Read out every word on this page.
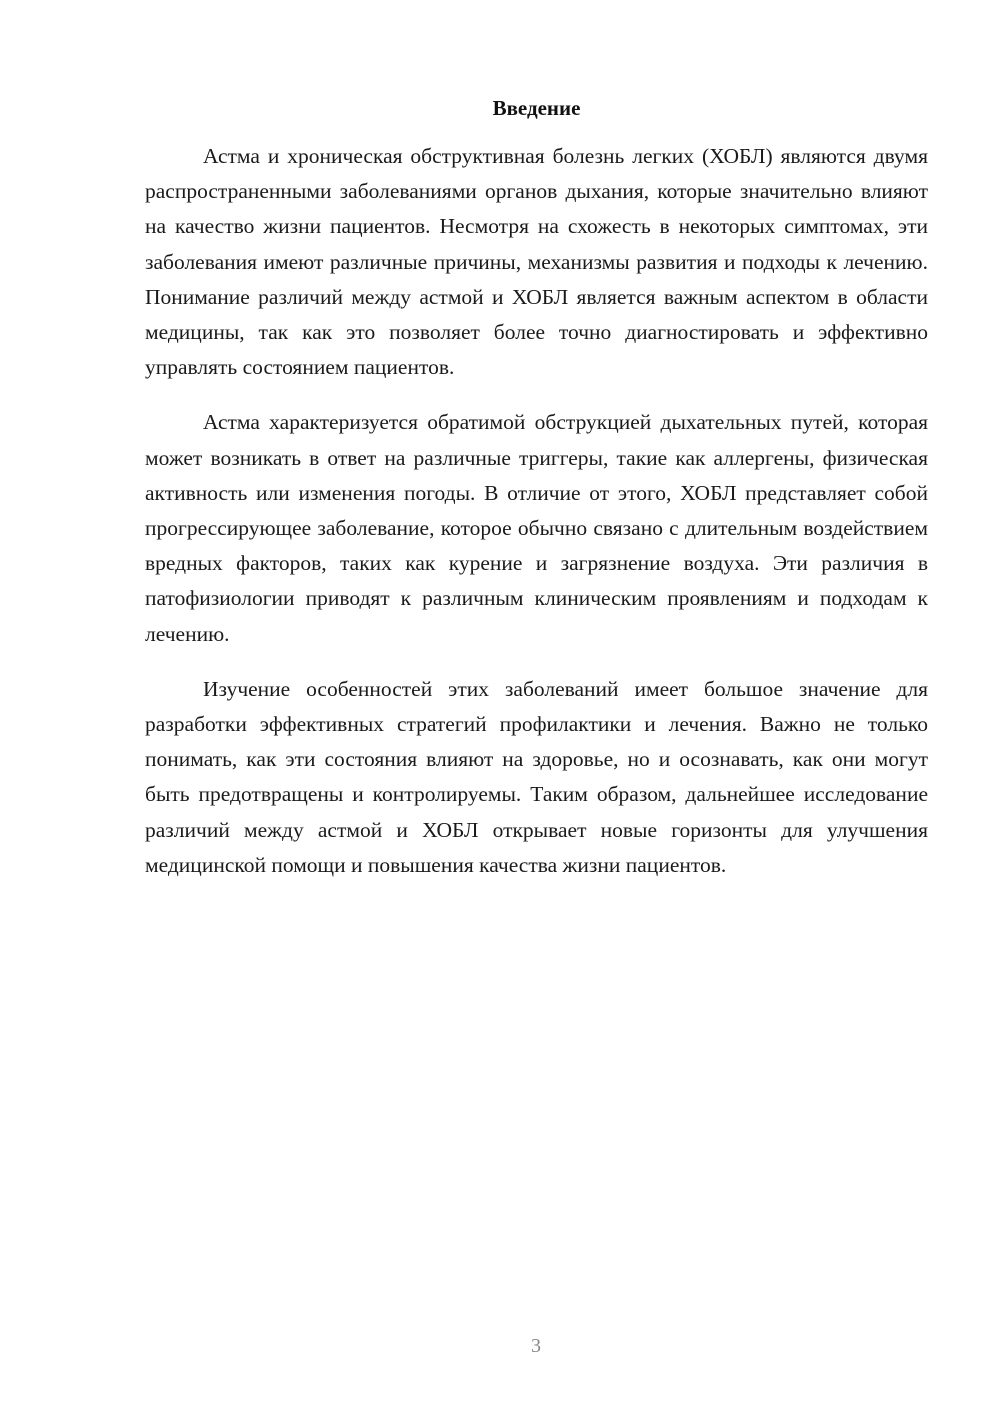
Введение

Астма и хроническая обструктивная болезнь легких (ХОБЛ) являются двумя распространенными заболеваниями органов дыхания, которые значительно влияют на качество жизни пациентов. Несмотря на схожесть в некоторых симптомах, эти заболевания имеют различные причины, механизмы развития и подходы к лечению. Понимание различий между астмой и ХОБЛ является важным аспектом в области медицины, так как это позволяет более точно диагностировать и эффективно управлять состоянием пациентов.

Астма характеризуется обратимой обструкцией дыхательных путей, которая может возникать в ответ на различные триггеры, такие как аллергены, физическая активность или изменения погоды. В отличие от этого, ХОБЛ представляет собой прогрессирующее заболевание, которое обычно связано с длительным воздействием вредных факторов, таких как курение и загрязнение воздуха. Эти различия в патофизиологии приводят к различным клиническим проявлениям и подходам к лечению.

Изучение особенностей этих заболеваний имеет большое значение для разработки эффективных стратегий профилактики и лечения. Важно не только понимать, как эти состояния влияют на здоровье, но и осознавать, как они могут быть предотвращены и контролируемы. Таким образом, дальнейшее исследование различий между астмой и ХОБЛ открывает новые горизонты для улучшения медицинской помощи и повышения качества жизни пациентов.

3
